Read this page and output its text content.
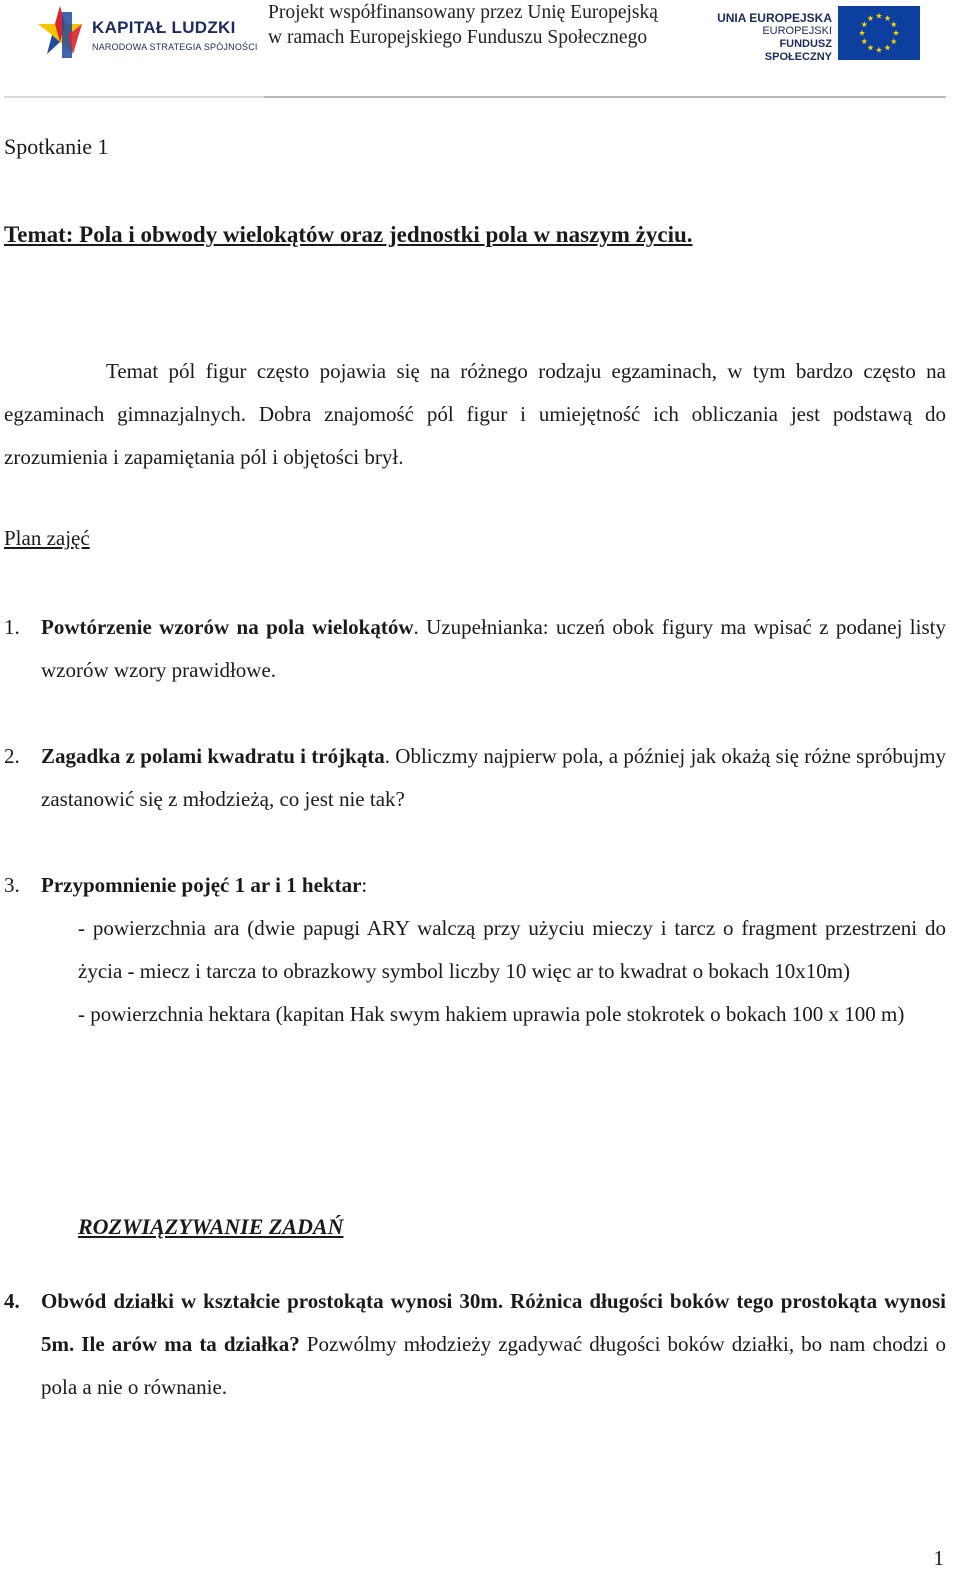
KAPITAŁ LUDZKI
NARODOWA STRATEGIA SPÓJNOŚCI
Projekt współfinansowany przez Unię Europejską
w ramach Europejskiego Funduszu Społecznego
UNIA EUROPEJSKA
EUROPEJSKI
FUNDUSZ SPOŁECZNY
Spotkanie 1
Temat: Pola i obwody wielokątów oraz jednostki pola w naszym życiu.
Temat pól figur często pojawia się na różnego rodzaju egzaminach, w tym bardzo często na egzaminach gimnazjalnych. Dobra znajomość pól figur i umiejętność ich obliczania jest podstawą do zrozumienia i zapamiętania pól i objętości brył.
Plan zajęć
1. Powtórzenie wzorów na pola wielokątów. Uzupełnianka: uczeń obok figury ma wpisać z podanej listy wzorów wzory prawidłowe.
2. Zagadka z polami kwadratu i trójkąta. Obliczmy najpierw pola, a później jak okażą się różne spróbujmy zastanowić się z młodzieżą, co jest nie tak?
3. Przypomnienie pojęć 1 ar i 1 hektar:
- powierzchnia ara (dwie papugi ARY walczą przy użyciu mieczy i tarcz o fragment przestrzeni do życia - miecz i tarcza to obrazkowy symbol liczby 10 więc ar to kwadrat o bokach 10x10m)
- powierzchnia hektara (kapitan Hak swym hakiem uprawia pole stokrotek o bokach 100 x 100 m)
ROZWIĄZYWANIE ZADAŃ
4. Obwód działki w kształcie prostokąta wynosi 30m. Różnica długości boków tego prostokąta wynosi 5m. Ile arów ma ta działka? Pozwólmy młodzieży zgadywać długości boków działki, bo nam chodzi o pola a nie o równanie.
1
